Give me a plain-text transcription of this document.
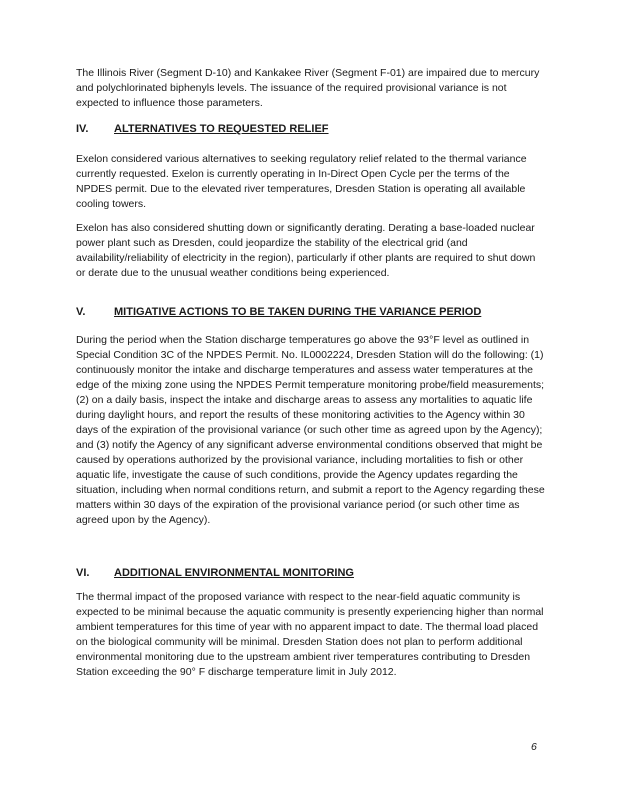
The Illinois River (Segment D-10) and Kankakee River (Segment F-01) are impaired due to mercury and polychlorinated biphenyls levels. The issuance of the required provisional variance is not expected to influence those parameters.
IV. ALTERNATIVES TO REQUESTED RELIEF
Exelon considered various alternatives to seeking regulatory relief related to the thermal variance currently requested. Exelon is currently operating in In-Direct Open Cycle per the terms of the NPDES permit. Due to the elevated river temperatures, Dresden Station is operating all available cooling towers.
Exelon has also considered shutting down or significantly derating. Derating a base-loaded nuclear power plant such as Dresden, could jeopardize the stability of the electrical grid (and availability/reliability of electricity in the region), particularly if other plants are required to shut down or derate due to the unusual weather conditions being experienced.
V.	MITIGATIVE ACTIONS TO BE TAKEN DURING THE VARIANCE PERIOD
During the period when the Station discharge temperatures go above the 93°F level as outlined in Special Condition 3C of the NPDES Permit. No. IL0002224, Dresden Station will do the following: (1) continuously monitor the intake and discharge temperatures and assess water temperatures at the edge of the mixing zone using the NPDES Permit temperature monitoring probe/field measurements; (2) on a daily basis, inspect the intake and discharge areas to assess any mortalities to aquatic life during daylight hours, and report the results of these monitoring activities to the Agency within 30 days of the expiration of the provisional variance (or such other time as agreed upon by the Agency); and (3) notify the Agency of any significant adverse environmental conditions observed that might be caused by operations authorized by the provisional variance, including mortalities to fish or other aquatic life, investigate the cause of such conditions, provide the Agency updates regarding the situation, including when normal conditions return, and submit a report to the Agency regarding these matters within 30 days of the expiration of the provisional variance period (or such other time as agreed upon by the Agency).
VI. ADDITIONAL ENVIRONMENTAL MONITORING
The thermal impact of the proposed variance with respect to the near-field aquatic community is expected to be minimal because the aquatic community is presently experiencing higher than normal ambient temperatures for this time of year with no apparent impact to date. The thermal load placed on the biological community will be minimal. Dresden Station does not plan to perform additional environmental monitoring due to the upstream ambient river temperatures contributing to Dresden Station exceeding the 90° F discharge temperature limit in July 2012.
6
